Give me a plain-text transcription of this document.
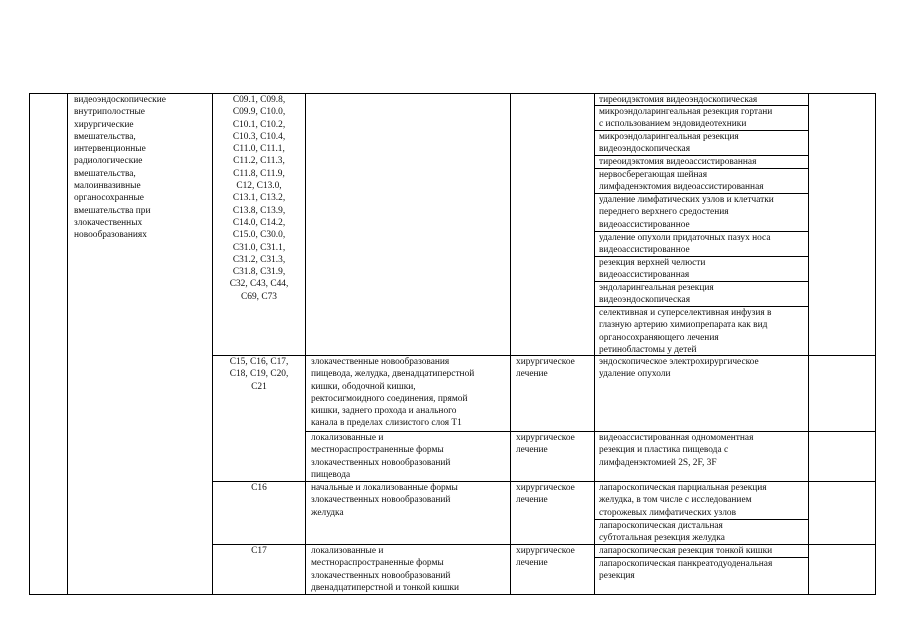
видеоэндоскопические
внутриполостные
хирургические
вмешательства,
интервенционные
радиологические
вмешательства,
малоинвазивные
органосохранные
вмешательства при
злокачественных
новообразованиях
C09.1, C09.8,
C09.9, C10.0,
C10.1, C10.2,
C10.3, C10.4,
C11.0, C11.1,
C11.2, C11.3,
C11.8, C11.9,
C12, C13.0,
C13.1, C13.2,
C13.8, C13.9,
C14.0, C14.2,
C15.0, C30.0,
C31.0, C31.1,
C31.2, C31.3,
C31.8, C31.9,
C32, C43, C44,
C69, C73
тиреоидэктомия видеоэндоскопическая
микроэндоларингеальная резекция гортани
с использованием эндовидеотехники
микроэндоларингеальная резекция
видеоэндоскопическая
тиреоидэктомия видеоассистированная
нервосберегающая шейная
лимфаденэктомия видеоассистированная
удаление лимфатических узлов и клетчатки
переднего верхнего средостения
видеоассистированное
удаление опухоли придаточных пазух носа
видеоассистированное
резекция верхней челюсти
видеоассистированная
эндоларингеальная резекция
видеоэндоскопическая
селективная и суперселективная инфузия в
глазную артерию химиопрепарата как вид
органосохраняющего лечения
ретинобластомы у детей
C15, C16, C17,
C18, C19, C20,
C21
злокачественные новообразования
пищевода, желудка, двенадцатиперстной
кишки, ободочной кишки,
ректосигмоидного соединения, прямой
кишки, заднего прохода и анального
канала в пределах слизистого слоя T1
хирургическое
лечение
эндоскопическое электрохирургическое
удаление опухоли
локализованные и
местнораспространенные формы
злокачественных новообразований
пищевода
хирургическое
лечение
видеоассистированная одномоментная
резекция и пластика пищевода с
лимфаденэктомией 2S, 2F, 3F
C16	начальные и локализованные формы
злокачественных новообразований
желудка
хирургическое
лечение
лапароскопическая парциальная резекция
желудка, в том числе с исследованием
сторожевых лимфатических узлов
лапароскопическая дистальная
субтотальная резекция желудка
C17	локализованные и
местнораспространенные формы
злокачественных новообразований
двенадцатиперстной и тонкой кишки
хирургическое
лечение
лапароскопическая резекция тонкой кишки
лапароскопическая панкреатодуоденальная
резекция
